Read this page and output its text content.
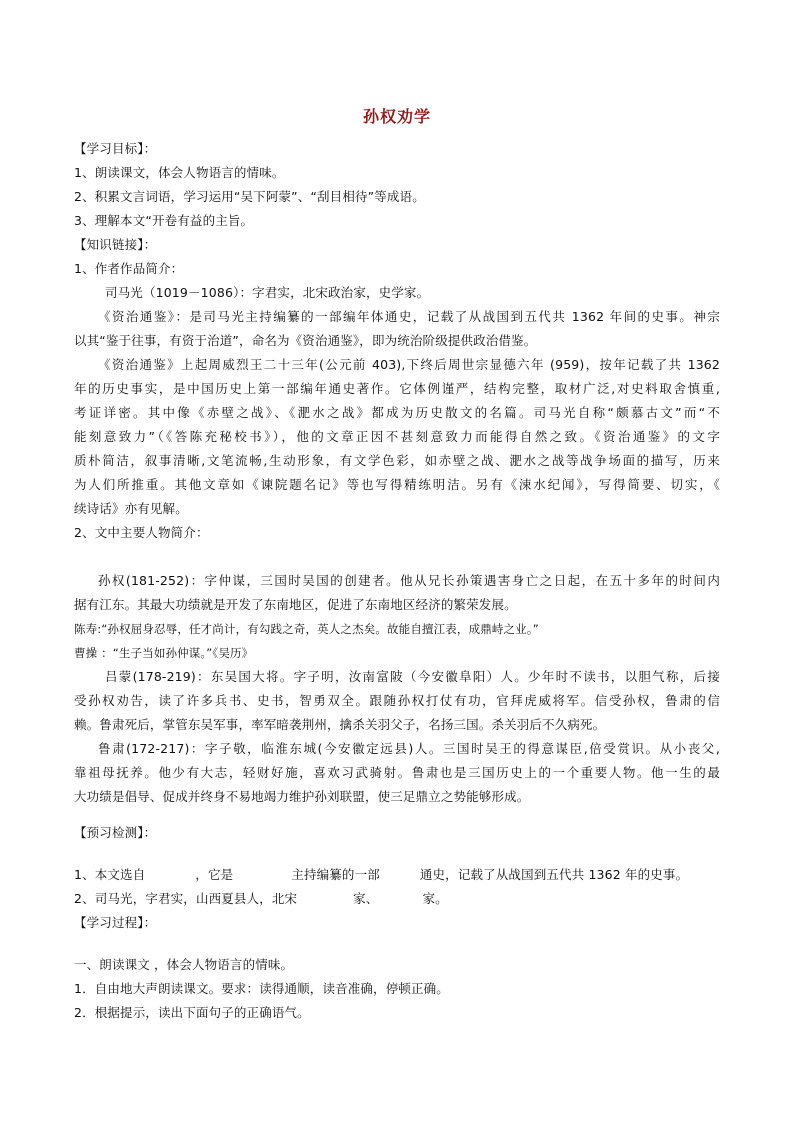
孙权劝学
【学习目标】：
1、朗读课文，体会人物语言的情味。
2、积累文言词语，学习运用“吴下阿蒙”、“刮目相待”等成语。
3、理解本文“开卷有益的主旨。
【知识链接】：
1、作者作品简介：
司马光（1019－1086）：字君实，北宋政治家，史学家。
《资治通鉴》：是司马光主持编纂的一部编年体通史，记载了从战国到五代共 1362 年间的史事。神宗
以其“鉴于往事，有资于治道”，命名为《资治通鉴》，即为统治阶级提供政治借鉴。
《资治通鉴》上起周威烈王二十三年(公元前 403),下终后周世宗显德六年 (959)，按年记载了共 1362
年的历史事实，是中国历史上第一部编年通史著作。它体例谨严，结构完整，取材广泛,对史料取舍慎重,
考证详密。其中像《赤壁之战》、《淝水之战》都成为历史散文的名篇。司马光自称“颇慕古文”而“不
能刻意致力”（《答陈充秘校书》），他的文章正因不甚刻意致力而能得自然之致。《资治通鉴》的文字
质朴简洁，叙事清晰,文笔流畅,生动形象，有文学色彩，如赤壁之战、淝水之战等战争场面的描写，历来
为人们所推重。其他文章如《谏院题名记》等也写得精练明洁。另有《涑水纪闻》，写得简要、切实，《
续诗话》亦有见解。
2、文中主要人物简介：
孙权(181-252)：字仲谋，三国时吴国的创建者。他从兄长孙策遇害身亡之日起，在五十多年的时间内
据有江东。其最大功绩就是开发了东南地区，促进了东南地区经济的繁荣发展。
陈寿:“孙权屈身忍辱，任才尚计，有勾践之奇，英人之杰矣。故能自擅江表，成鼎峙之业。”
曹操 ：“生子当如孙仲谋。”《吴历》
吕蒙(178-219)：东吴国大将。字子明，汝南富陂（今安徽阜阳）人。少年时不读书，以胆气称，后接
受孙权劝告，读了许多兵书、史书，智勇双全。跟随孙权打仗有功，官拜虎威将军。信受孙权，鲁肃的信
赖。鲁肃死后，掌管东吴军事，率军暗袭荆州，擒杀关羽父子，名扬三国。杀关羽后不久病死。
鲁肃(172-217)：字子敬，临淮东城(今安徽定远县)人。三国时吴王的得意谋臣,倍受赏识。从小丧父,
靠祖母抚养。他少有大志，轻财好施，喜欢习武骑射。鲁肃也是三国历史上的一个重要人物。他一生的最
大功绩是倡导、促成并终身不易地竭力维护孙刘联盟，使三足鼎立之势能够形成。
【预习检测】：
1、本文选自	，它是	主持编纂的一部	通史，记载了从战国到五代共 1362 年的史事。
2、司马光，字君实，山西夏县人，北宋	家、	家。
【学习过程】：
一、朗读课文 ，体会人物语言的情味。
1．自由地大声朗读课文。要求：读得通顺，读音准确，停顿正确。
2．根据提示，读出下面句子的正确语气。
